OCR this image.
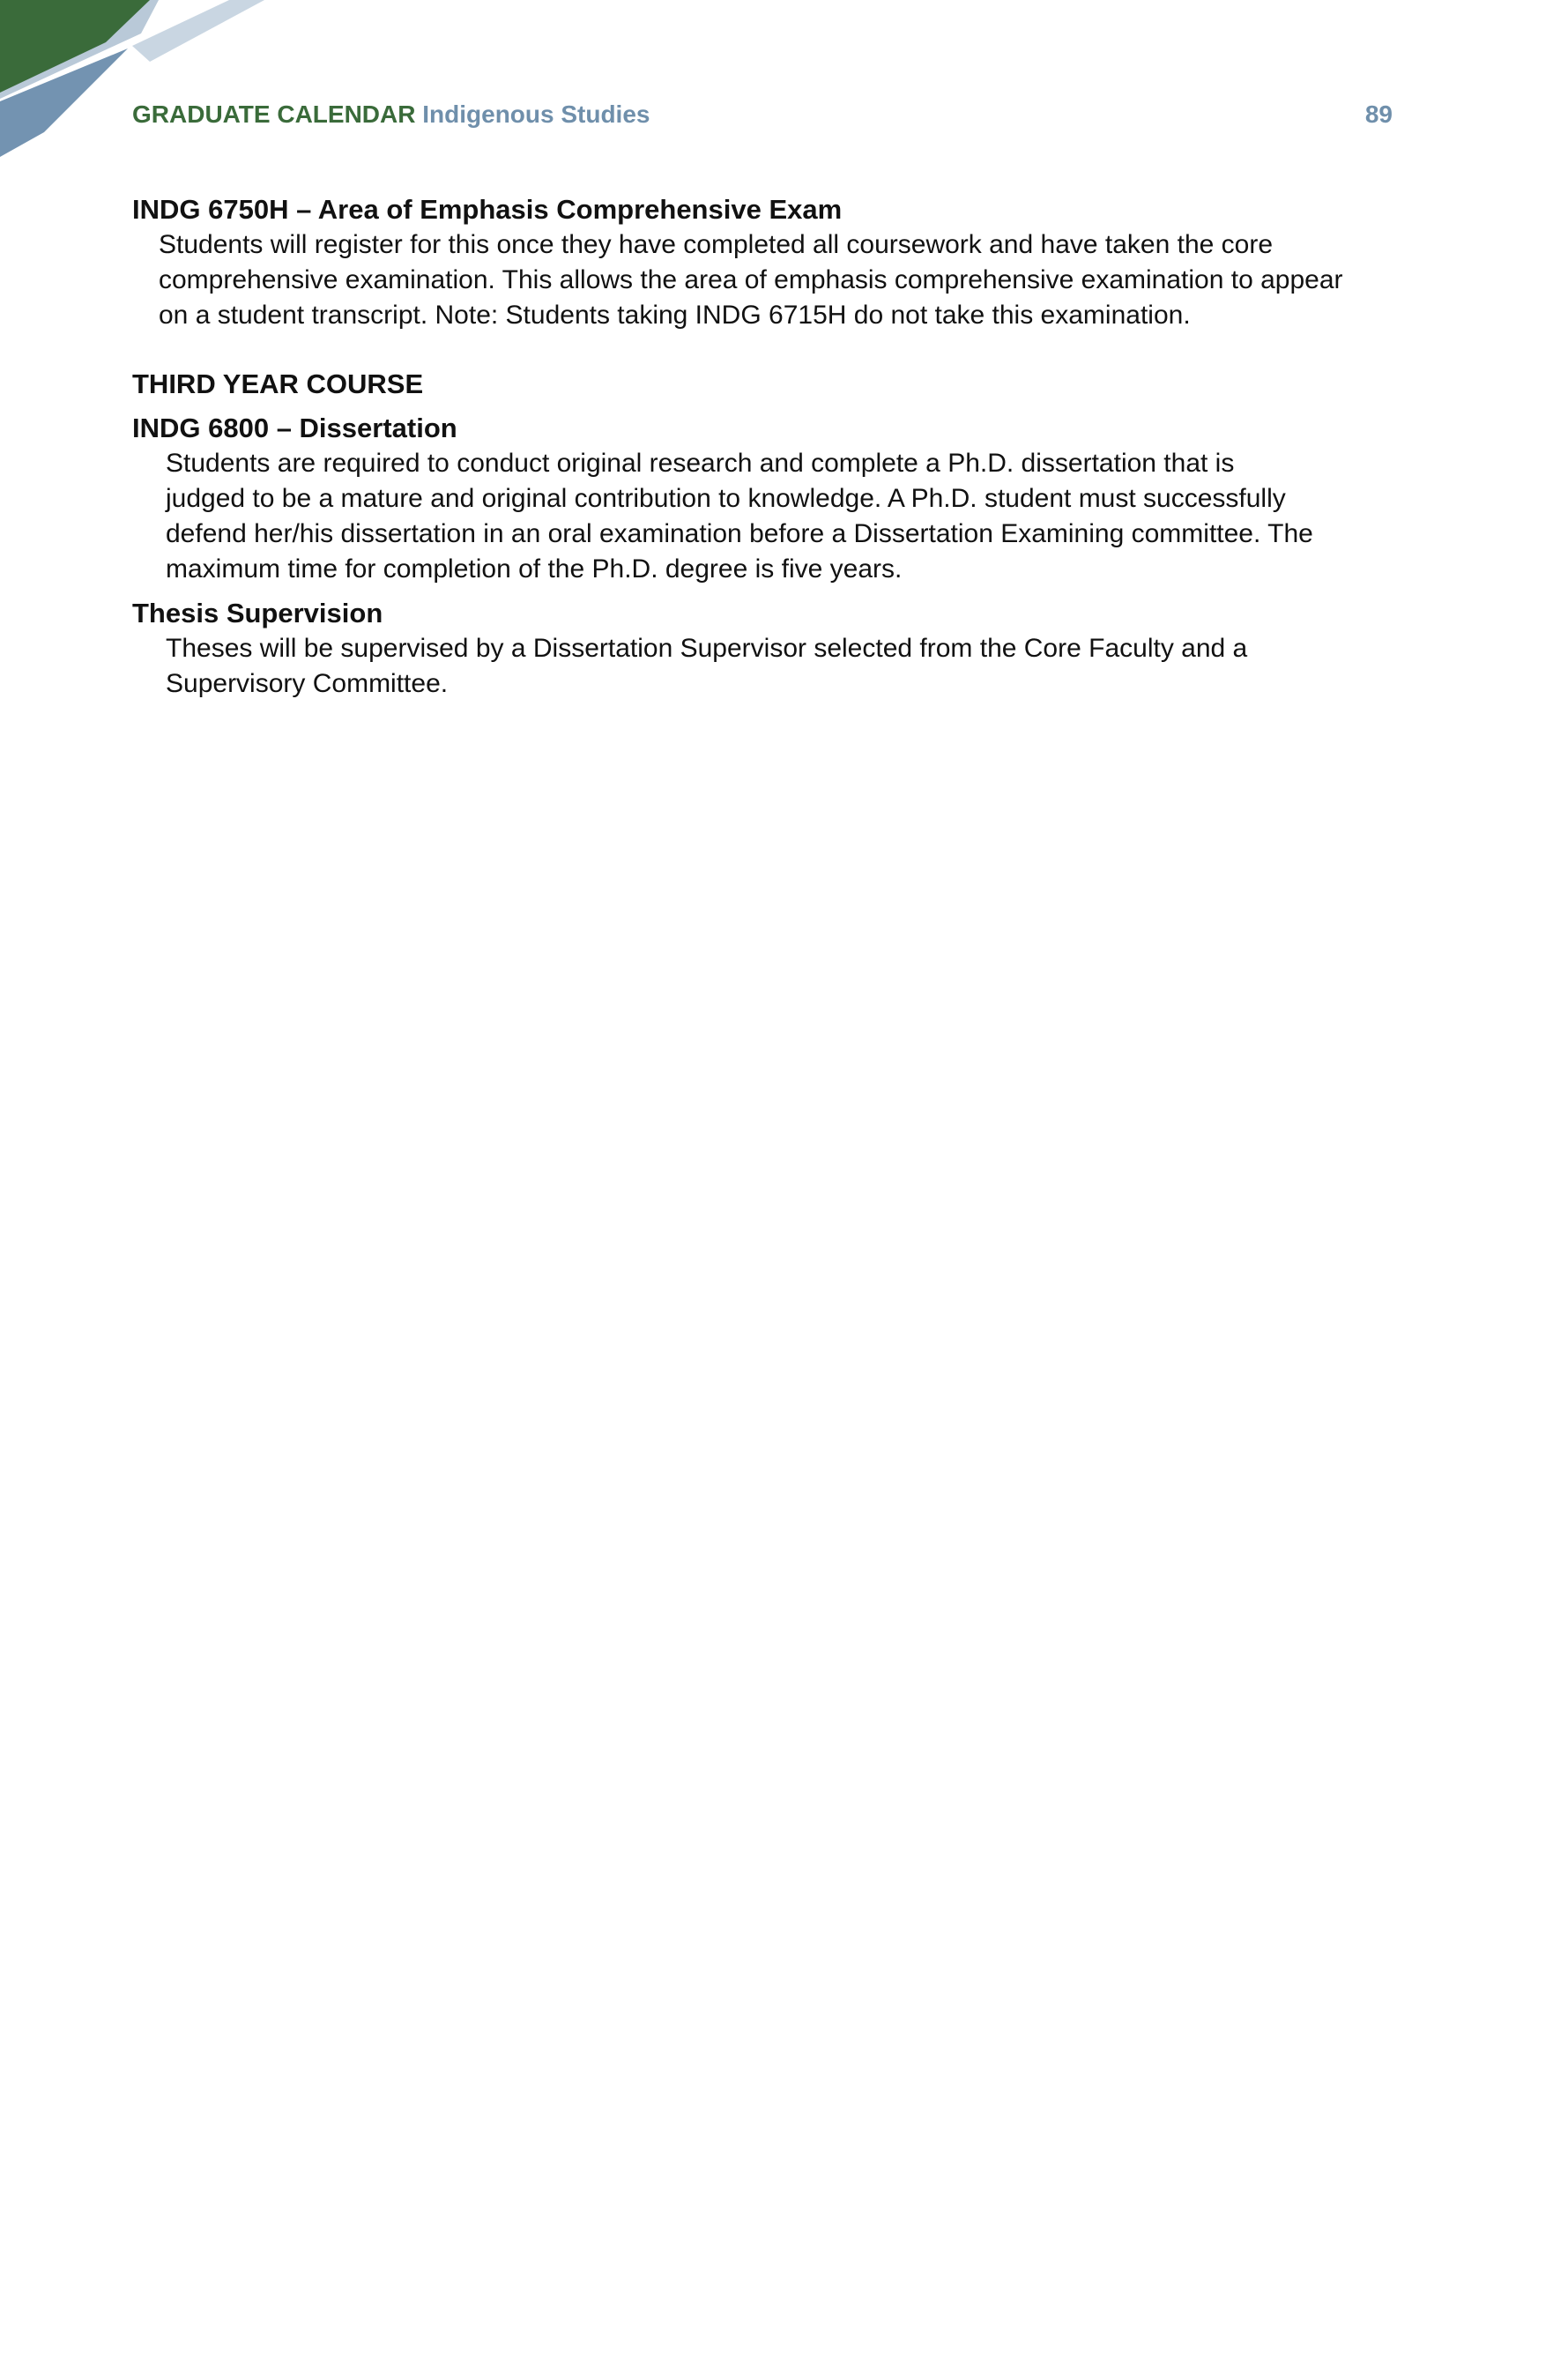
GRADUATE CALENDAR Indigenous Studies	89

INDG 6750H – Area of Emphasis Comprehensive Exam

Students will register for this once they have completed all coursework and have taken the core

comprehensive examination. This allows the area of emphasis comprehensive examination to appear

on a student transcript. Note: Students taking INDG 6715H do not take this examination.

THIRD YEAR COURSE

INDG 6800 – Dissertation

Students are required to conduct original research and complete a Ph.D. dissertation that is

judged to be a mature and original contribution to knowledge. A Ph.D. student must successfully

defend her/his dissertation in an oral examination before a Dissertation Examining committee. The

maximum time for completion of the Ph.D. degree is five years.

Thesis Supervision

Theses will be supervised by a Dissertation Supervisor selected from the Core Faculty and a

Supervisory Committee.
